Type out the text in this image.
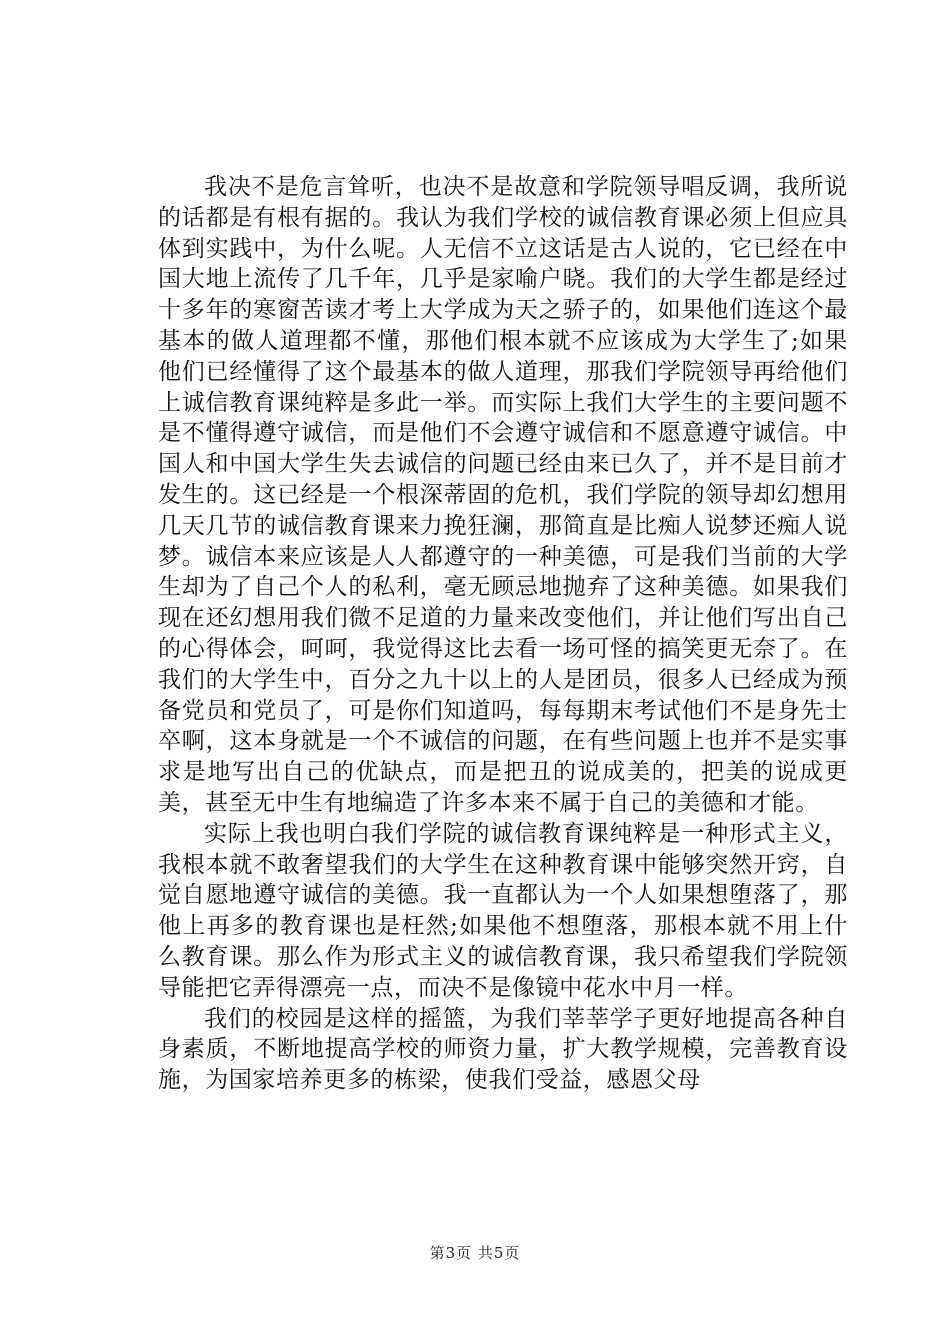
我决不是危言耸听，也决不是故意和学院领导唱反调，我所说的话都是有根有据的。我认为我们学校的诚信教育课必须上但应具体到实践中，为什么呢。人无信不立这话是古人说的，它已经在中国大地上流传了几千年，几乎是家喻户晓。我们的大学生都是经过十多年的寒窗苦读才考上大学成为天之骄子的，如果他们连这个最基本的做人道理都不懂，那他们根本就不应该成为大学生了;如果他们已经懂得了这个最基本的做人道理，那我们学院领导再给他们上诚信教育课纯粹是多此一举。而实际上我们大学生的主要问题不是不懂得遵守诚信，而是他们不会遵守诚信和不愿意遵守诚信。中国人和中国大学生失去诚信的问题已经由来已久了，并不是目前才发生的。这已经是一个根深蒂固的危机，我们学院的领导却幻想用几天几节的诚信教育课来力挽狂澜，那简直是比痴人说梦还痴人说梦。诚信本来应该是人人都遵守的一种美德，可是我们当前的大学生却为了自己个人的私利，毫无顾忌地抛弃了这种美德。如果我们现在还幻想用我们微不足道的力量来改变他们，并让他们写出自己的心得体会，呵呵，我觉得这比去看一场可怪的搞笑更无奈了。在我们的大学生中，百分之九十以上的人是团员，很多人已经成为预备党员和党员了，可是你们知道吗，每每期末考试他们不是身先士卒啊，这本身就是一个不诚信的问题，在有些问题上也并不是实事求是地写出自己的优缺点，而是把丑的说成美的，把美的说成更美，甚至无中生有地编造了许多本来不属于自己的美德和才能。

实际上我也明白我们学院的诚信教育课纯粹是一种形式主义，我根本就不敢奢望我们的大学生在这种教育课中能够突然开窍，自觉自愿地遵守诚信的美德。我一直都认为一个人如果想堕落了，那他上再多的教育课也是枉然;如果他不想堕落，那根本就不用上什么教育课。那么作为形式主义的诚信教育课，我只希望我们学院领导能把它弄得漂亮一点，而决不是像镜中花水中月一样。

我们的校园是这样的摇篮，为我们莘莘学子更好地提高各种自身素质，不断地提高学校的师资力量，扩大教学规模，完善教育设施，为国家培养更多的栋梁，使我们受益，感恩父母

第3页 共5页
